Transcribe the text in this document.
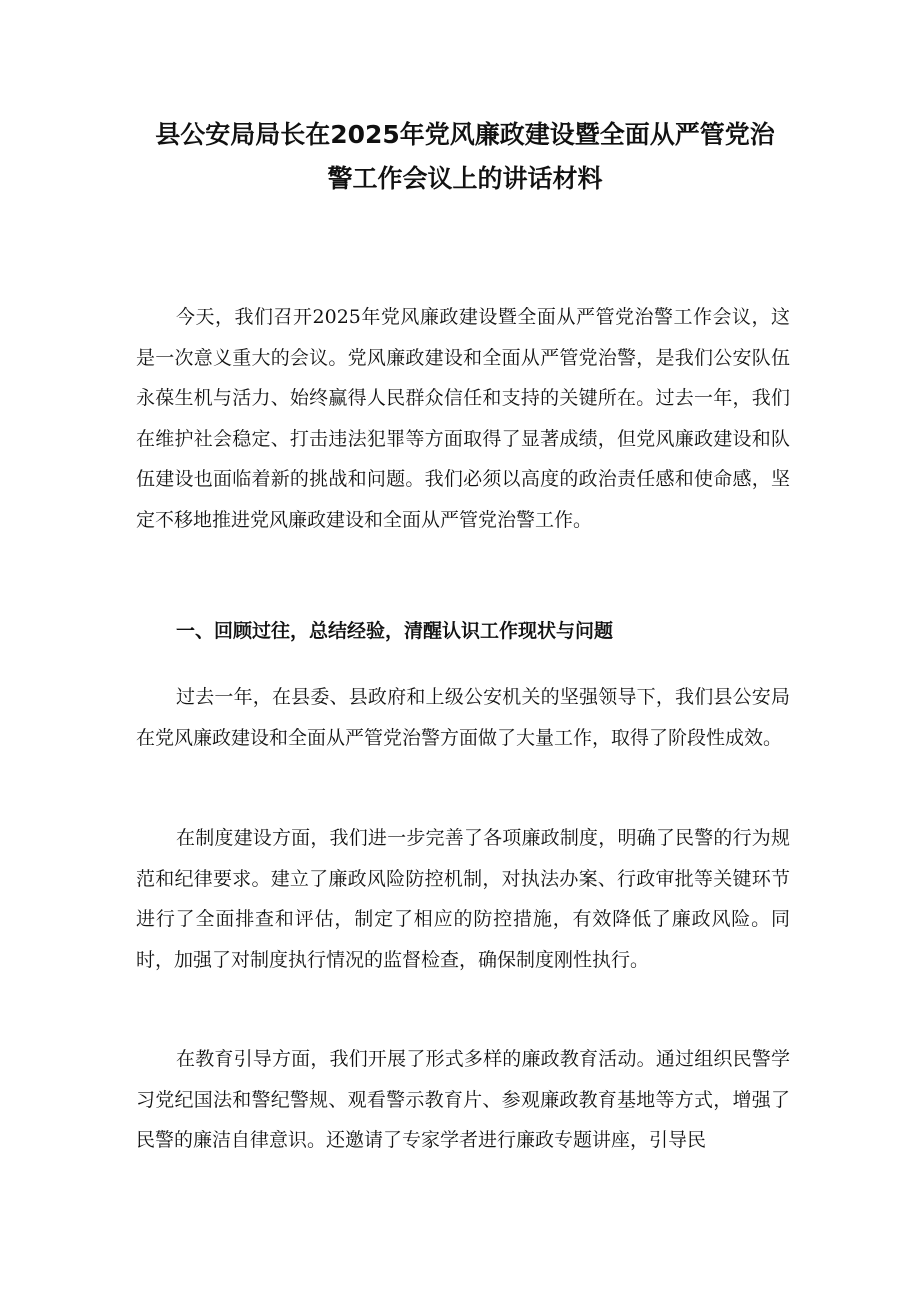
县公安局局长在2025年党风廉政建设暨全面从严管党治
警工作会议上的讲话材料
今天，我们召开2025年党风廉政建设暨全面从严管党治警工作会议，这是一次意义重大的会议。党风廉政建设和全面从严管党治警，是我们公安队伍永葆生机与活力、始终赢得人民群众信任和支持的关键所在。过去一年，我们在维护社会稳定、打击违法犯罪等方面取得了显著成绩，但党风廉政建设和队伍建设也面临着新的挑战和问题。我们必须以高度的政治责任感和使命感，坚定不移地推进党风廉政建设和全面从严管党治警工作。
一、回顾过往，总结经验，清醒认识工作现状与问题
过去一年，在县委、县政府和上级公安机关的坚强领导下，我们县公安局在党风廉政建设和全面从严管党治警方面做了大量工作，取得了阶段性成效。
在制度建设方面，我们进一步完善了各项廉政制度，明确了民警的行为规范和纪律要求。建立了廉政风险防控机制，对执法办案、行政审批等关键环节进行了全面排查和评估，制定了相应的防控措施，有效降低了廉政风险。同时，加强了对制度执行情况的监督检查，确保制度刚性执行。
在教育引导方面，我们开展了形式多样的廉政教育活动。通过组织民警学习党纪国法和警纪警规、观看警示教育片、参观廉政教育基地等方式，增强了民警的廉洁自律意识。还邀请了专家学者进行廉政专题讲座，引导民
